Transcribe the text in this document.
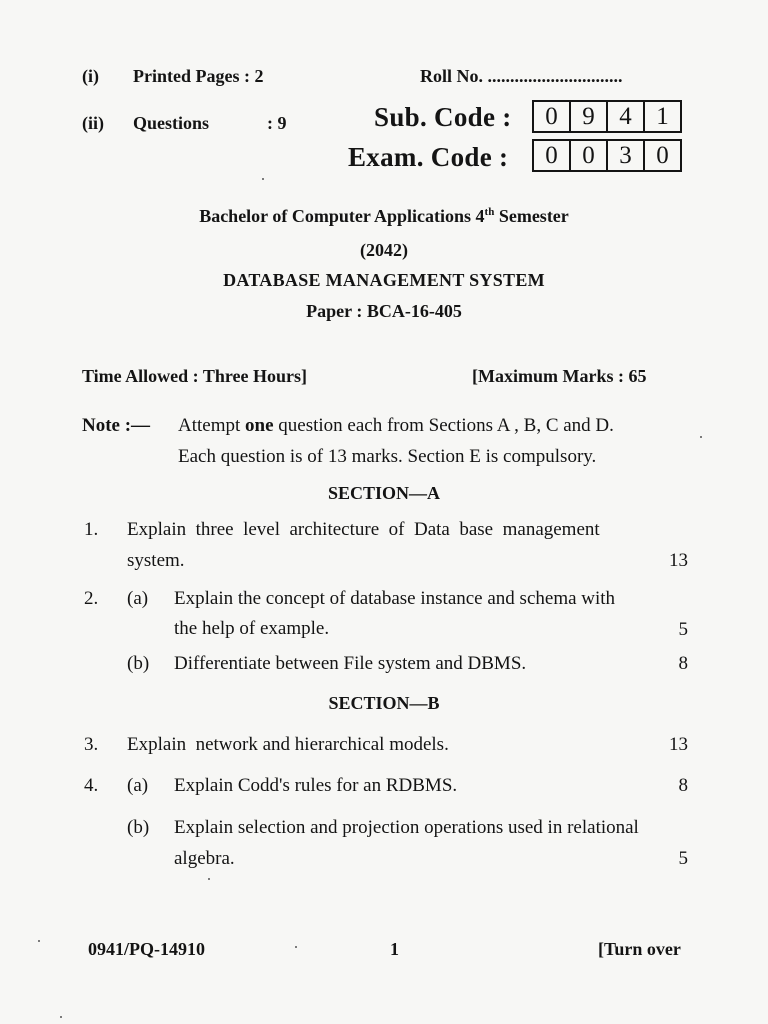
(i) Printed Pages : 2	Roll No. ..............................
(ii) Questions	: 9	Sub. Code :	0 9 4 1
Exam. Code :	0 0 3 0
Bachelor of Computer Applications 4th Semester
(2042)
DATABASE MANAGEMENT SYSTEM
Paper : BCA-16-405
Time Allowed : Three Hours]	[Maximum Marks : 65
Note :— Attempt one question each from Sections A , B, C and D.
Each question is of 13 marks. Section E is compulsory.
SECTION—A
1. Explain  three  level  architecture  of  Data  base  management
system.	13
2. (a) Explain the concept of database instance and schema with
the help of example.	5
(b) Differentiate between File system and DBMS.	8
SECTION—B
3. Explain  network and hierarchical models.	13
4. (a) Explain Codd's rules for an RDBMS.	8
(b) Explain selection and projection operations used in relational
algebra.	5
0941/PQ-14910	1	[Turn over
